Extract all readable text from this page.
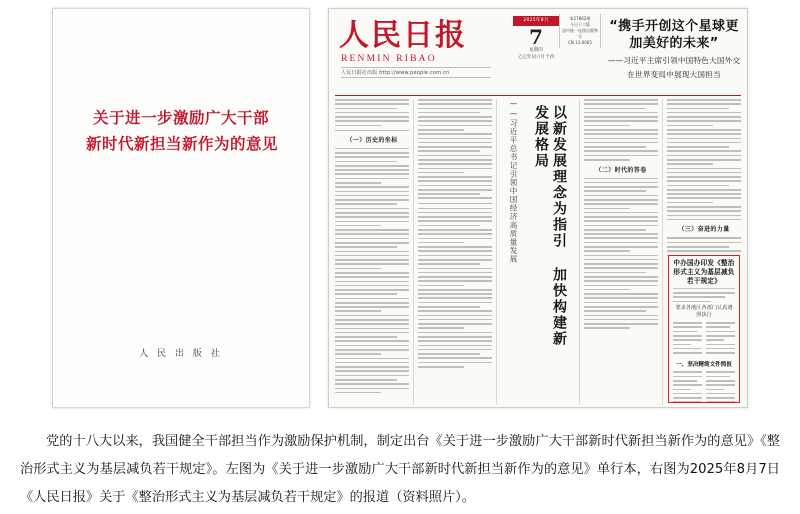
关于进一步激励广大干部
新时代新担当新作为的意见
人 民 出 版 社
人民日报
RENMIN RIBAO
人民日报社出版 http://www.people.com.cn
2025年8月
7
星期四
乙巳年闰六月十四
第27862期
今日十六版
国内统一连续出版物号
CN 11-0065
“携手开创这个星球更加美好的未来”
——习近平主席引领中国特色大国外交
在世界变局中展现大国担当
（一）历史的坐标	以新发展理念为指引 加快构建新发展格局
——习近平总书记引领中国经济高质量发展	（二）时代的答卷
（三）奋进的力量
中办国办印发《整治形式主义为基层减负若干规定》
要求各地区各部门认真遵照执行
一、坚决精简文件简报
党的十八大以来，我国健全干部担当作为激励保护机制，制定出台《关于进一步激励广大干部新时代新担当新作为的意见》《整治形式主义为基层减负若干规定》。左图为《关于进一步激励广大干部新时代新担当新作为的意见》单行本，右图为2025年8月7日《人民日报》关于《整治形式主义为基层减负若干规定》的报道（资料照片）。
